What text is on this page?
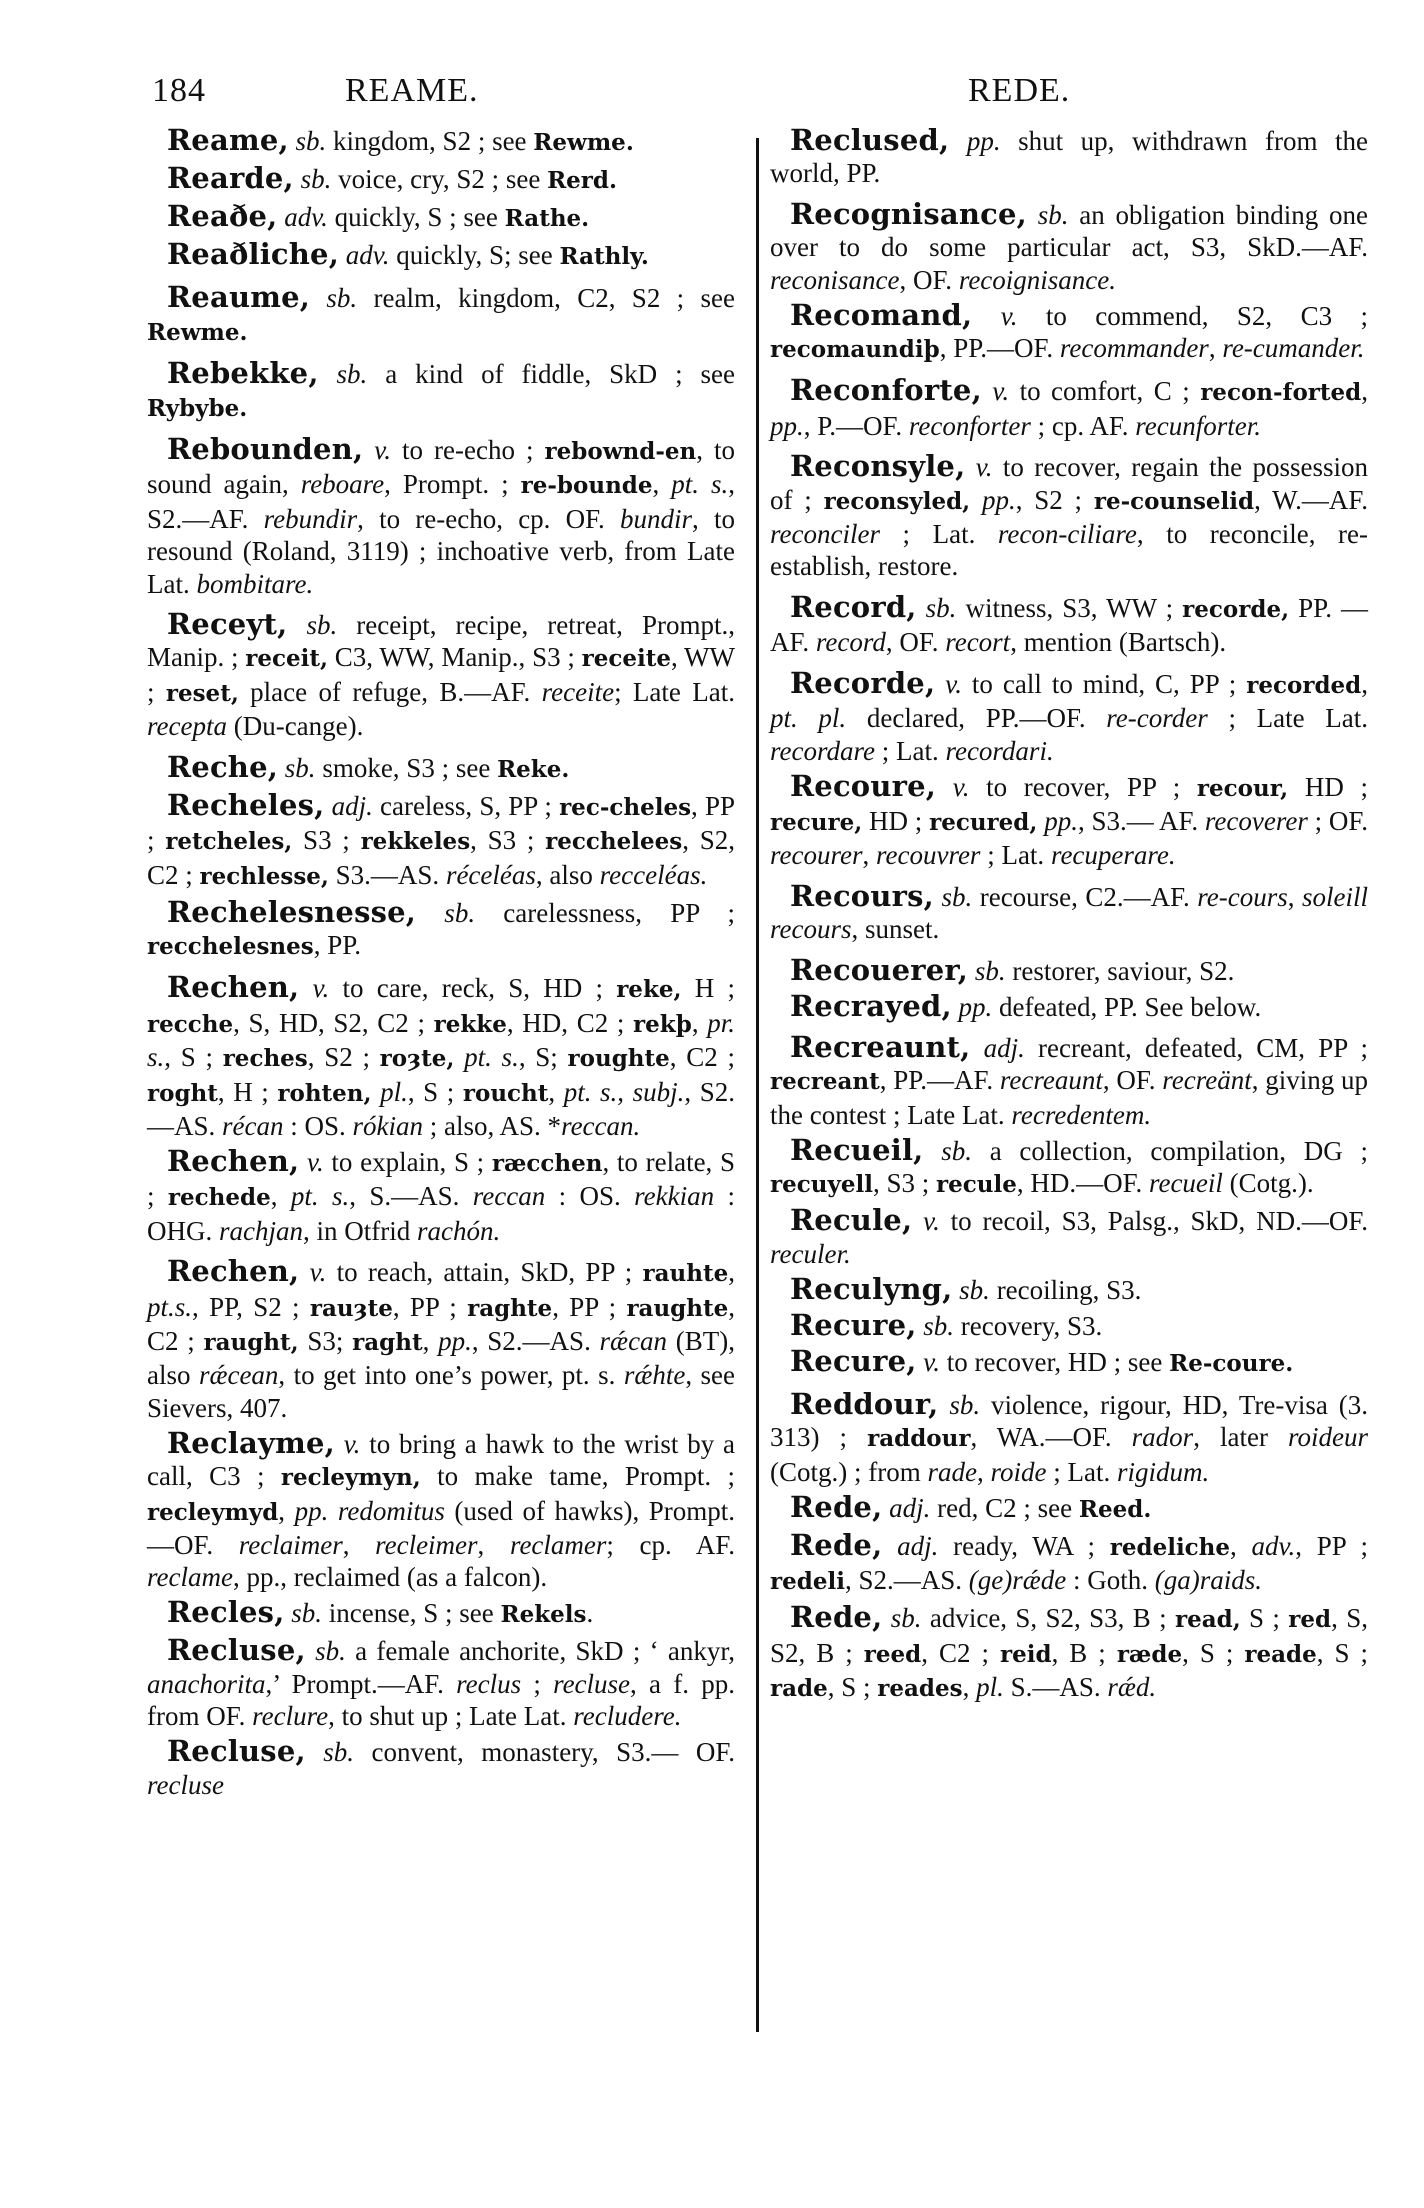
184	REAME.	REDE.

Reame, sb. kingdom, S2 ; see Rewme.

Rearde, sb. voice, cry, S2 ; see Rerd.

Reaðe, adv. quickly, S ; see Rathe.

Reaðliche, adv. quickly, S; see Rathly.

Reaume, sb. realm, kingdom, C2, S2 ; see Rewme.

Rebekke, sb. a kind of fiddle, SkD ; see Rybybe.

Rebounden, v. to re-echo ; rebownd-en, to sound again, reboare, Prompt. ; re-bounde, pt. s., S2.—AF. rebundir, to re-echo, cp. OF. bundir, to resound (Roland, 3119) ; inchoative verb, from Late Lat. bombitare.

Receyt, sb. receipt, recipe, retreat, Prompt., Manip. ; receit, C3, WW, Manip., S3 ; receite, WW ; reset, place of refuge, B.—AF. receite; Late Lat. recepta (Du-cange).

Reche, sb. smoke, S3 ; see Reke.

Recheles, adj. careless, S, PP ; rec-cheles, PP ; retcheles, S3 ; rekkeles, S3 ; recchelees, S2, C2 ; rechlesse, S3.—AS. réceléas, also recceléas.

Rechelesnesse, sb. carelessness, PP ; recchelesnes, PP.

Rechen, v. to care, reck, S, HD ; reke, H ; recche, S, HD, S2, C2 ; rekke, HD, C2 ; rekþ, pr. s., S ; reches, S2 ; roȝte, pt. s., S; roughte, C2 ; roght, H ; rohten, pl., S ; roucht, pt. s., subj., S2.—AS. récan : OS. rókian ; also, AS. *reccan.

Rechen, v. to explain, S ; ræcchen, to relate, S ; rechede, pt. s., S.—AS. reccan : OS. rekkian : OHG. rachjan, in Otfrid rachón.

Rechen, v. to reach, attain, SkD, PP ; rauhte, pt.s., PP, S2 ; rauȝte, PP ; raghte, PP ; raughte, C2 ; raught, S3; raght, pp., S2.—AS. rǽcan (BT), also rǽcean, to get into one’s power, pt. s. rǽhte, see Sievers, 407.

Reclayme, v. to bring a hawk to the wrist by a call, C3 ; recleymyn, to make tame, Prompt. ; recleymyd, pp. redomitus (used of hawks), Prompt.—OF. reclaimer, recleimer, reclamer; cp. AF. reclame, pp., reclaimed (as a falcon).

Recles, sb. incense, S ; see Rekels.

Recluse, sb. a female anchorite, SkD ; ‘ ankyr, anachorita,’ Prompt.—AF. reclus ; recluse, a f. pp. from OF. reclure, to shut up ; Late Lat. recludere.

Recluse, sb. convent, monastery, S3.— OF. recluse

Reclused, pp. shut up, withdrawn from the world, PP.

Recognisance, sb. an obligation binding one over to do some particular act, S3, SkD.—AF. reconisance, OF. recoignisance.

Recomand, v. to commend, S2, C3 ; recomaundiþ, PP.—OF. recommander, re-cumander.

Reconforte, v. to comfort, C ; recon-forted, pp., P.—OF. reconforter ; cp. AF. recunforter.

Reconsyle, v. to recover, regain the possession of ; reconsyled, pp., S2 ; re-counselid, W.—AF. reconciler ; Lat. recon-ciliare, to reconcile, re-establish, restore.

Record, sb. witness, S3, WW ; recorde, PP. — AF. record, OF. recort, mention (Bartsch).

Recorde, v. to call to mind, C, PP ; recorded, pt. pl. declared, PP.—OF. re-corder ; Late Lat. recordare ; Lat. recordari.

Recoure, v. to recover, PP ; recour, HD ; recure, HD ; recured, pp., S3.— AF. recoverer ; OF. recourer, recouvrer ; Lat. recuperare.

Recours, sb. recourse, C2.—AF. re-cours, soleill recours, sunset.

Recouerer, sb. restorer, saviour, S2.

Recrayed, pp. defeated, PP. See below.

Recreaunt, adj. recreant, defeated, CM, PP ; recreant, PP.—AF. recreaunt, OF. recreänt, giving up the contest ; Late Lat. recredentem.

Recueil, sb. a collection, compilation, DG ; recuyell, S3 ; recule, HD.—OF. recueil (Cotg.).

Recule, v. to recoil, S3, Palsg., SkD, ND.—OF. reculer.

Reculyng, sb. recoiling, S3.

Recure, sb. recovery, S3.

Recure, v. to recover, HD ; see Re-coure.

Reddour, sb. violence, rigour, HD, Tre-visa (3. 313) ; raddour, WA.—OF. rador, later roideur (Cotg.) ; from rade, roide ; Lat. rigidum.

Rede, adj. red, C2 ; see Reed.

Rede, adj. ready, WA ; redeliche, adv., PP ; redeli, S2.—AS. (ge)rǽde : Goth. (ga)raids.

Rede, sb. advice, S, S2, S3, B ; read, S ; red, S, S2, B ; reed, C2 ; reid, B ; ræde, S ; reade, S ; rade, S ; reades, pl. S.—AS. rǽd.
